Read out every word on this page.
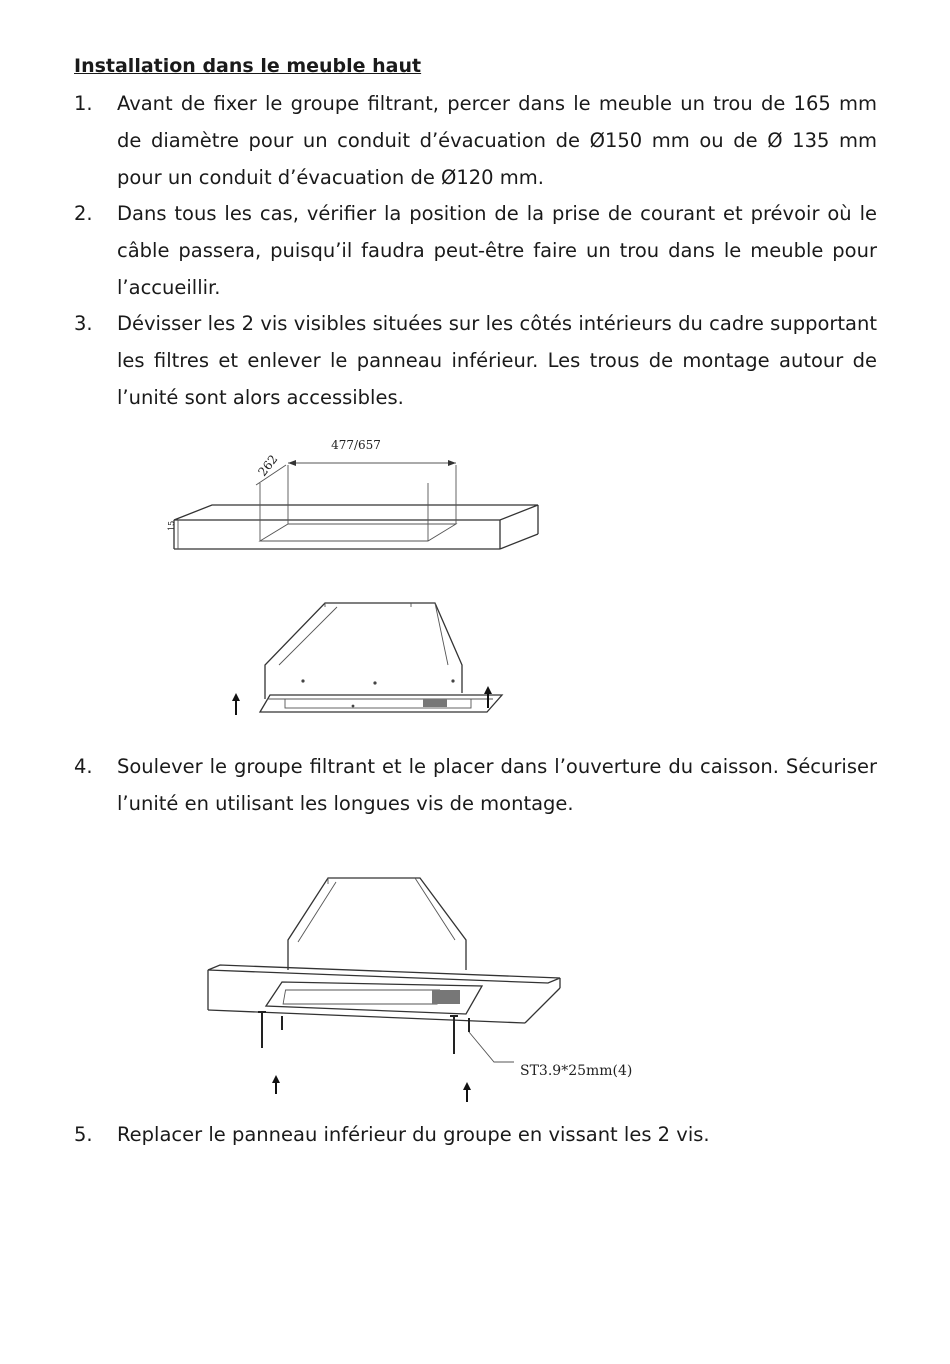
Installation dans le meuble haut
1. Avant de fixer le groupe filtrant, percer dans le meuble un trou de 165 mm de diamètre pour un conduit d’évacuation de Ø150 mm ou de Ø 135 mm pour un conduit d’évacuation de Ø120 mm.
2. Dans tous les cas, vérifier la position de la prise de courant et prévoir où le câble passera, puisqu’il faudra peut-être faire un trou dans le meuble pour l’accueillir.
3. Dévisser les 2 vis visibles situées sur les côtés intérieurs du cadre supportant les filtres et enlever le panneau inférieur. Les trous de montage autour de l’unité sont alors accessibles.
477/657
262
15
4. Soulever le groupe filtrant et le placer dans l’ouverture du caisson. Sécuriser l’unité en utilisant les longues vis de montage.
ST3.9*25mm(4)
5. Replacer le panneau inférieur du groupe en vissant les 2 vis.
